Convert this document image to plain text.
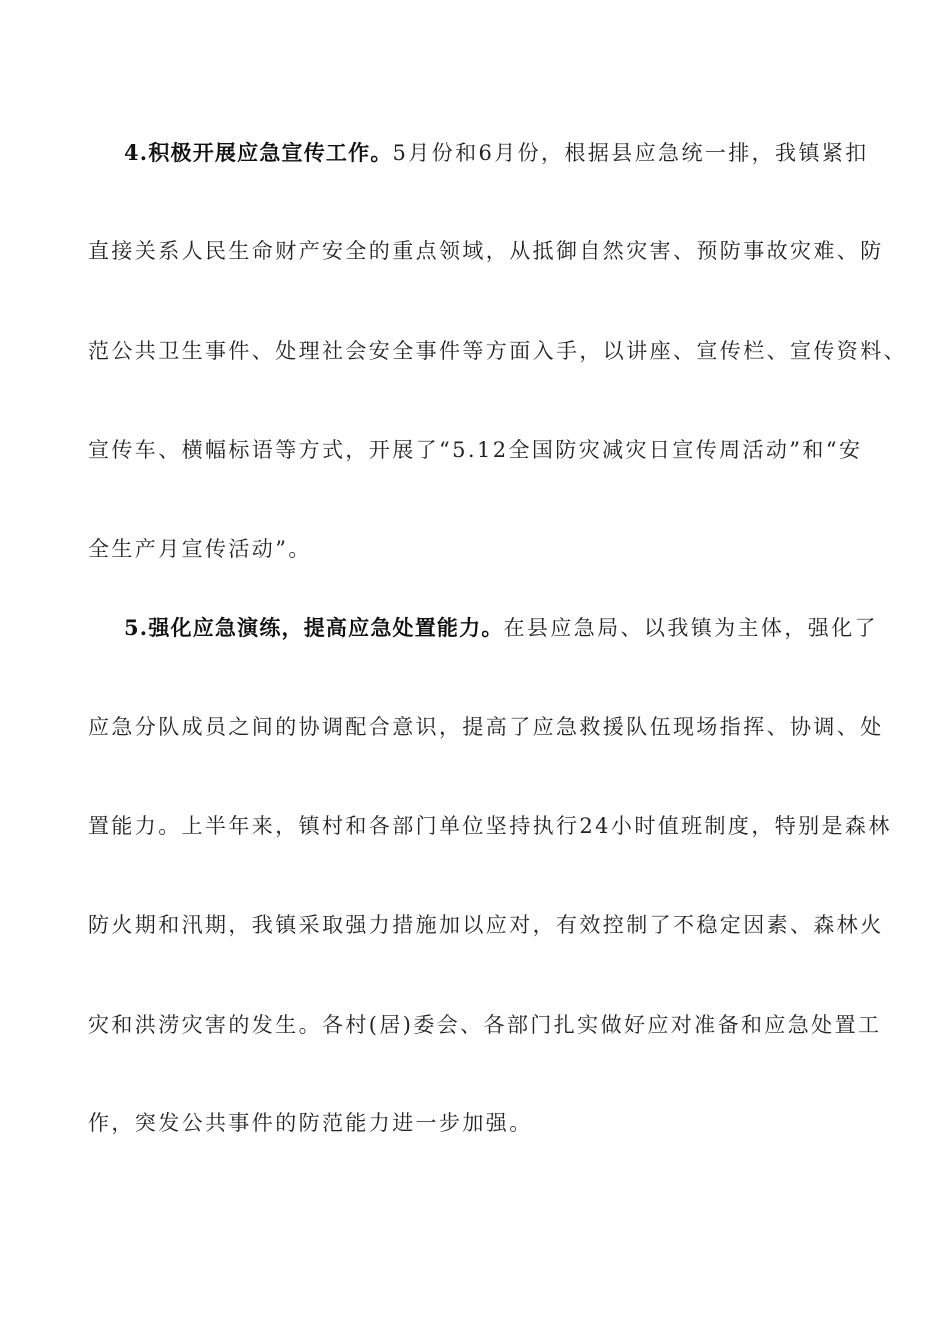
4.积极开展应急宣传工作。5月份和6月份，根据县应急统一排，我镇紧扣
直接关系人民生命财产安全的重点领域，从抵御自然灾害、预防事故灾难、防
范公共卫生事件、处理社会安全事件等方面入手，以讲座、宣传栏、宣传资料、
宣传车、横幅标语等方式，开展了“5.12全国防灾减灾日宣传周活动”和“安
全生产月宣传活动”。
5.强化应急演练，提高应急处置能力。在县应急局、以我镇为主体，强化了
应急分队成员之间的协调配合意识，提高了应急救援队伍现场指挥、协调、处
置能力。上半年来，镇村和各部门单位坚持执行24小时值班制度，特别是森林
防火期和汛期，我镇采取强力措施加以应对，有效控制了不稳定因素、森林火
灾和洪涝灾害的发生。各村(居)委会、各部门扎实做好应对准备和应急处置工
作，突发公共事件的防范能力进一步加强。
